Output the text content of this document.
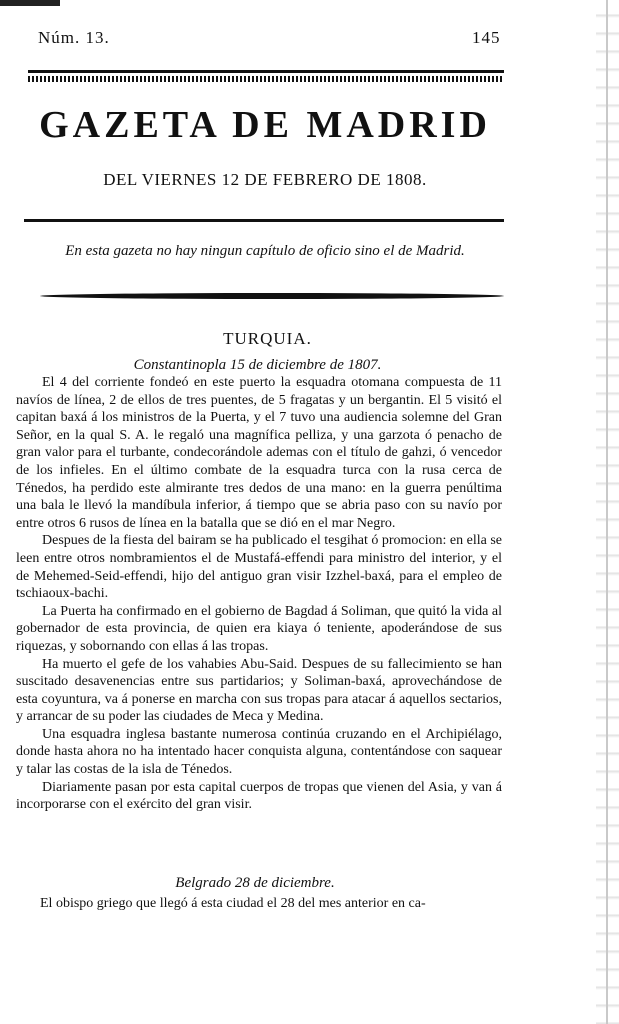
Núm. 13.	145
GAZETA DE MADRID
DEL VIERNES 12 DE FEBRERO DE 1808.
En esta gazeta no hay ningun capítulo de oficio sino el de Madrid.
TURQUIA.
Constantinopla 15 de diciembre de 1807.

El 4 del corriente fondeó en este puerto la esquadra otomana compuesta de 11 navíos de línea, 2 de ellos de tres puentes, de 5 fragatas y un bergantin. El 5 visitó el capitan baxá á los ministros de la Puerta, y el 7 tuvo una audiencia solemne del Gran Señor, en la qual S. A. le regaló una magnífica pelliza, y una garzota ó penacho de gran valor para el turbante, condecorándole ademas con el título de gahzi, ó vencedor de los infieles. En el último combate de la esquadra turca con la rusa cerca de Ténedos, ha perdido este almirante tres dedos de una mano: en la guerra penúltima una bala le llevó la mandíbula inferior, á tiempo que se abria paso con su navío por entre otros 6 rusos de línea en la batalla que se dió en el mar Negro.

Despues de la fiesta del bairam se ha publicado el tesgihat ó promocion: en ella se leen entre otros nombramientos el de Mustafá-effendi para ministro del interior, y el de Mehemed-Seid-effendi, hijo del antiguo gran visir Izzhel-baxá, para el empleo de tschiaoux-bachi.

La Puerta ha confirmado en el gobierno de Bagdad á Soliman, que quitó la vida al gobernador de esta provincia, de quien era kiaya ó teniente, apoderándose de sus riquezas, y sobornando con ellas á las tropas.

Ha muerto el gefe de los vahabies Abu-Said. Despues de su fallecimiento se han suscitado desavenencias entre sus partidarios; y Soliman-baxá, aprovechándose de esta coyuntura, va á ponerse en marcha con sus tropas para atacar á aquellos sectarios, y arrancar de su poder las ciudades de Meca y Medina.

Una esquadra inglesa bastante numerosa continúa cruzando en el Archipiélago, donde hasta ahora no ha intentado hacer conquista alguna, contentándose con saquear y talar las costas de la isla de Ténedos.

Diariamente pasan por esta capital cuerpos de tropas que vienen del Asia, y van á incorporarse con el exército del gran visir.

Belgrado 28 de diciembre.

El obispo griego que llegó á esta ciudad el 28 del mes anterior en ca-
